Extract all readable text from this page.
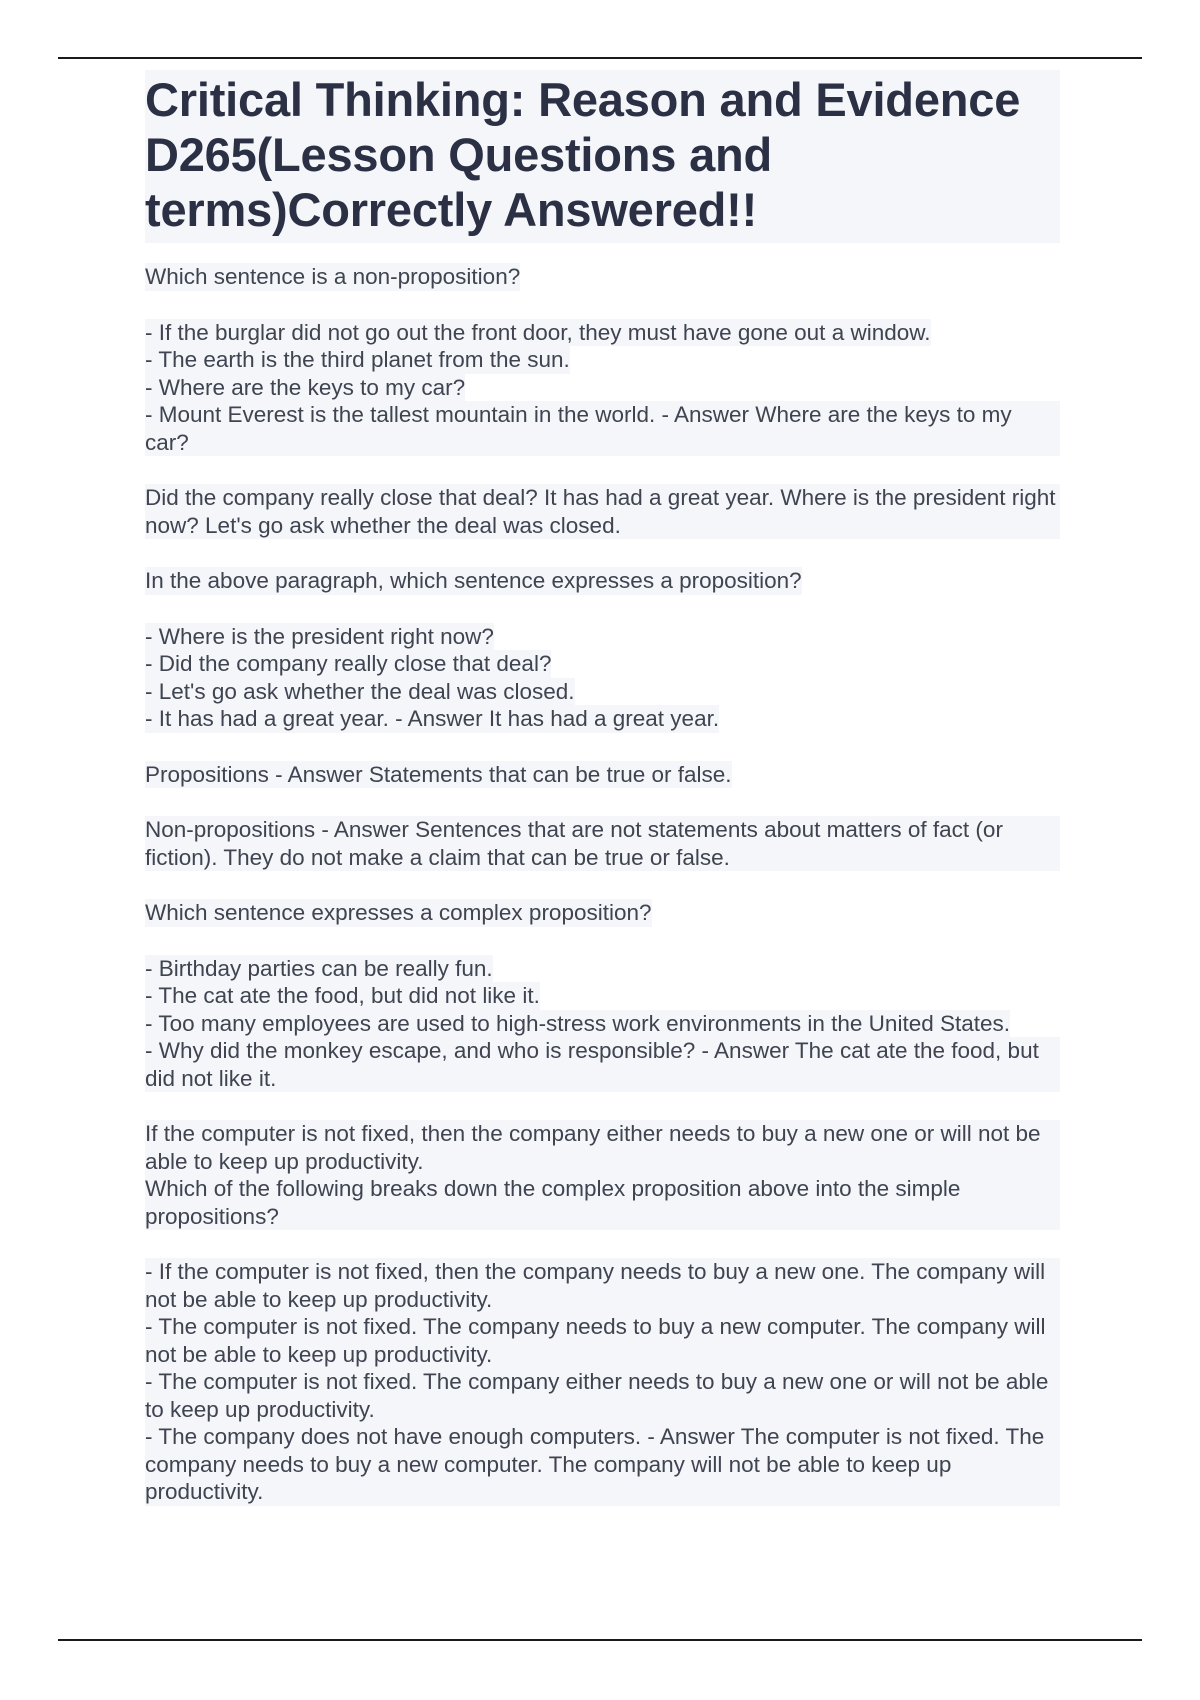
Critical Thinking: Reason and Evidence D265(Lesson Questions and terms)Correctly Answered!!

Which sentence is a non-proposition?

- If the burglar did not go out the front door, they must have gone out a window.
- The earth is the third planet from the sun.
- Where are the keys to my car?
- Mount Everest is the tallest mountain in the world. - Answer Where are the keys to my car?

Did the company really close that deal? It has had a great year. Where is the president right now? Let's go ask whether the deal was closed.

In the above paragraph, which sentence expresses a proposition?

- Where is the president right now?
- Did the company really close that deal?
- Let's go ask whether the deal was closed.
- It has had a great year. - Answer It has had a great year.

Propositions - Answer Statements that can be true or false.

Non-propositions - Answer Sentences that are not statements about matters of fact (or fiction). They do not make a claim that can be true or false.

Which sentence expresses a complex proposition?

- Birthday parties can be really fun.
- The cat ate the food, but did not like it.
- Too many employees are used to high-stress work environments in the United States.
- Why did the monkey escape, and who is responsible? - Answer The cat ate the food, but did not like it.

If the computer is not fixed, then the company either needs to buy a new one or will not be able to keep up productivity.
Which of the following breaks down the complex proposition above into the simple propositions?

- If the computer is not fixed, then the company needs to buy a new one. The company will not be able to keep up productivity.
- The computer is not fixed. The company needs to buy a new computer. The company will not be able to keep up productivity.
- The computer is not fixed. The company either needs to buy a new one or will not be able to keep up productivity.
- The company does not have enough computers. - Answer The computer is not fixed. The company needs to buy a new computer. The company will not be able to keep up productivity.
